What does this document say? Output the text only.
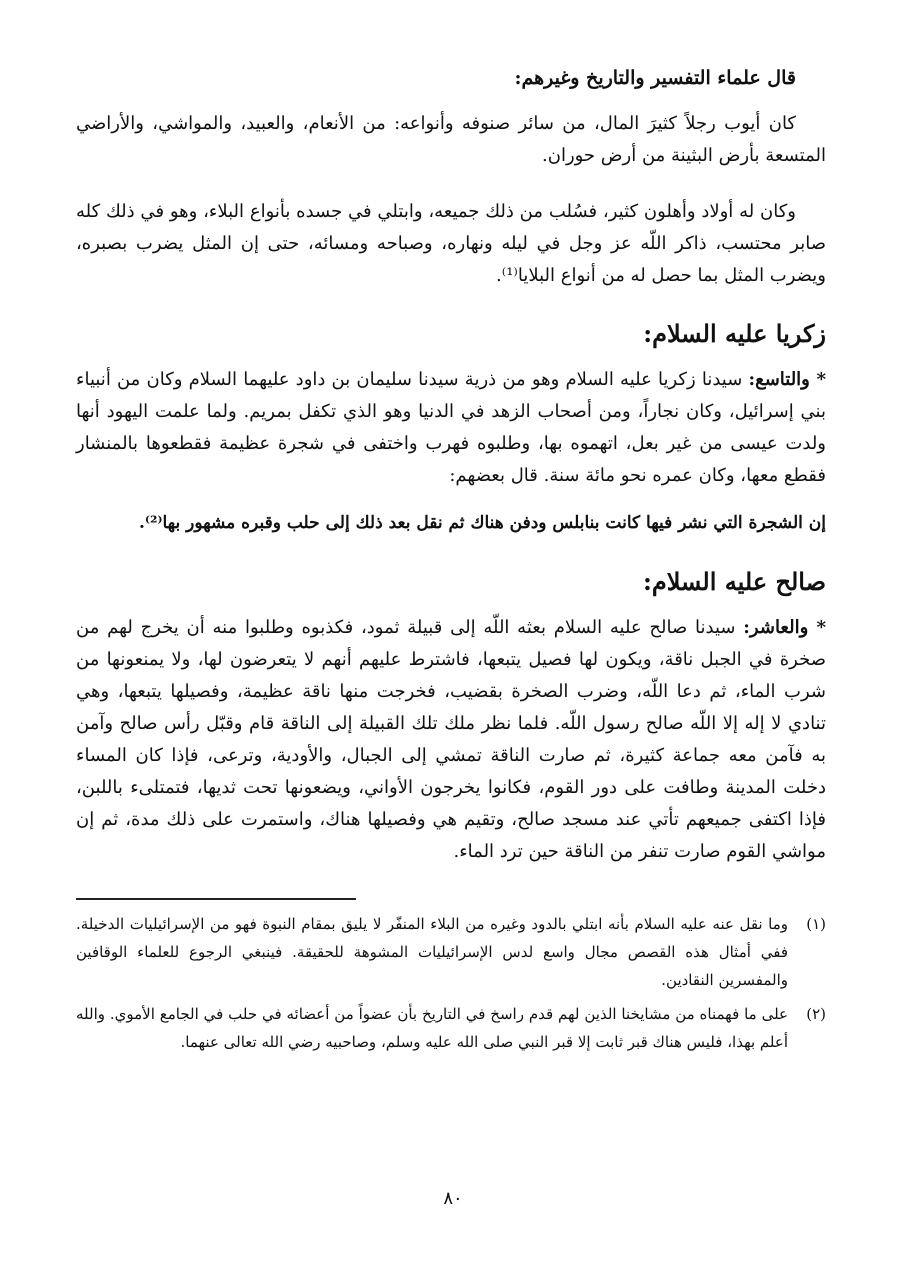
قال علماء التفسير والتاريخ وغيرهم:

كان أيوب رجلاً كثيرَ المال، من سائر صنوفه وأنواعه: من الأنعام، والعبيد، والمواشي، والأراضي المتسعة بأرض البثينة من أرض حوران.

وكان له أولاد وأهلون كثير، فسُلب من ذلك جميعه، وابتلي في جسده بأنواع البلاء، وهو في ذلك كله صابر محتسب، ذاكر اللّه عز وجل في ليله ونهاره، وصباحه ومسائه، حتى إن المثل يضرب بصبره، ويضرب المثل بما حصل له من أنواع البلايا⁽¹⁾.

زكريا عليه السلام:

* والتاسع: سيدنا زكريا عليه السلام وهو من ذرية سيدنا سليمان بن داود عليهما السلام وكان من أنبياء بني إسرائيل، وكان نجاراً، ومن أصحاب الزهد في الدنيا وهو الذي تكفل بمريم. ولما علمت اليهود أنها ولدت عيسى من غير بعل، اتهموه بها، وطلبوه فهرب واختفى في شجرة عظيمة فقطعوها بالمنشار فقطع معها، وكان عمره نحو مائة سنة. قال بعضهم:

إن الشجرة التي نشر فيها كانت بنابلس ودفن هناك ثم نقل بعد ذلك إلى حلب وقبره مشهور بها⁽²⁾.

صالح عليه السلام:

* والعاشر: سيدنا صالح عليه السلام بعثه اللّه إلى قبيلة ثمود، فكذبوه وطلبوا منه أن يخرج لهم من صخرة في الجبل ناقة، ويكون لها فصيل يتبعها، فاشترط عليهم أنهم لا يتعرضون لها، ولا يمنعونها من شرب الماء، ثم دعا اللّه، وضرب الصخرة بقضيب، فخرجت منها ناقة عظيمة، وفصيلها يتبعها، وهي تنادي لا إله إلا اللّه صالح رسول اللّه. فلما نظر ملك تلك القبيلة إلى الناقة قام وقبّل رأس صالح وآمن به فآمن معه جماعة كثيرة، ثم صارت الناقة تمشي إلى الجبال، والأودية، وترعى، فإذا كان المساء دخلت المدينة وطافت على دور القوم، فكانوا يخرجون الأواني، ويضعونها تحت ثديها، فتمتلىء باللبن، فإذا اكتفى جميعهم تأتي عند مسجد صالح، وتقيم هي وفصيلها هناك، واستمرت على ذلك مدة، ثم إن مواشي القوم صارت تنفر من الناقة حين ترد الماء.

(١)
وما نقل عنه عليه السلام بأنه ابتلي بالدود وغيره من البلاء المنفّر لا يليق بمقام النبوة فهو من الإسرائيليات الدخيلة. ففي أمثال هذه القصص مجال واسع لدس الإسرائيليات المشوهة للحقيقة. فينبغي الرجوع للعلماء الوقافين والمفسرين النقادين.
(٢)
على ما فهمناه من مشايخنا الذين لهم قدم راسخ في التاريخ بأن عضواً من أعضائه في حلب في الجامع الأموي. والله أعلم بهذا، فليس هناك قبر ثابت إلا قبر النبي صلى الله عليه وسلم، وصاحبيه رضي الله تعالى عنهما.
٨٠
